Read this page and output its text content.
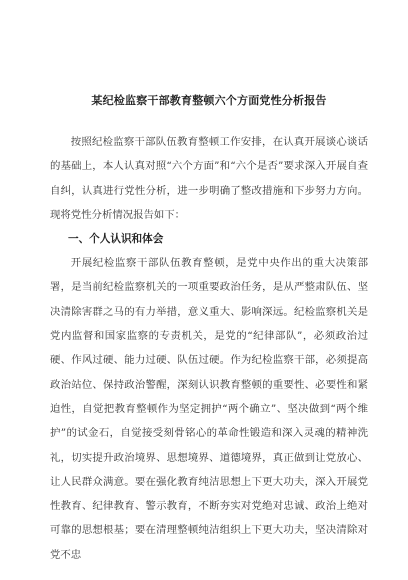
某纪检监察干部教育整顿六个方面党性分析报告

按照纪检监察干部队伍教育整顿工作安排，在认真开展谈心谈话的基础上，本人认真对照“六个方面”和“六个是否”要求深入开展自查自纠，认真进行党性分析，进一步明确了整改措施和下步努力方向。现将党性分析情况报告如下：

一、个人认识和体会

开展纪检监察干部队伍教育整顿，是党中央作出的重大决策部署，是当前纪检监察机关的一项重要政治任务，是从严整肃队伍、坚决清除害群之马的有力举措，意义重大、影响深远。纪检监察机关是党内监督和国家监察的专责机关，是党的“纪律部队”，必须政治过硬、作风过硬、能力过硬、队伍过硬。作为纪检监察干部，必须提高政治站位、保持政治警醒，深刻认识教育整顿的重要性、必要性和紧迫性，自觉把教育整顿作为坚定拥护“两个确立”、坚决做到“两个维护”的试金石，自觉接受刻骨铭心的革命性锻造和深入灵魂的精神洗礼，切实提升政治境界、思想境界、道德境界，真正做到让党放心、让人民群众满意。要在强化教育纯洁思想上下更大功夫，深入开展党性教育、纪律教育、警示教育，不断夯实对党绝对忠诚、政治上绝对可靠的思想根基；要在清理整顿纯洁组织上下更大功夫，坚决清除对党不忠
